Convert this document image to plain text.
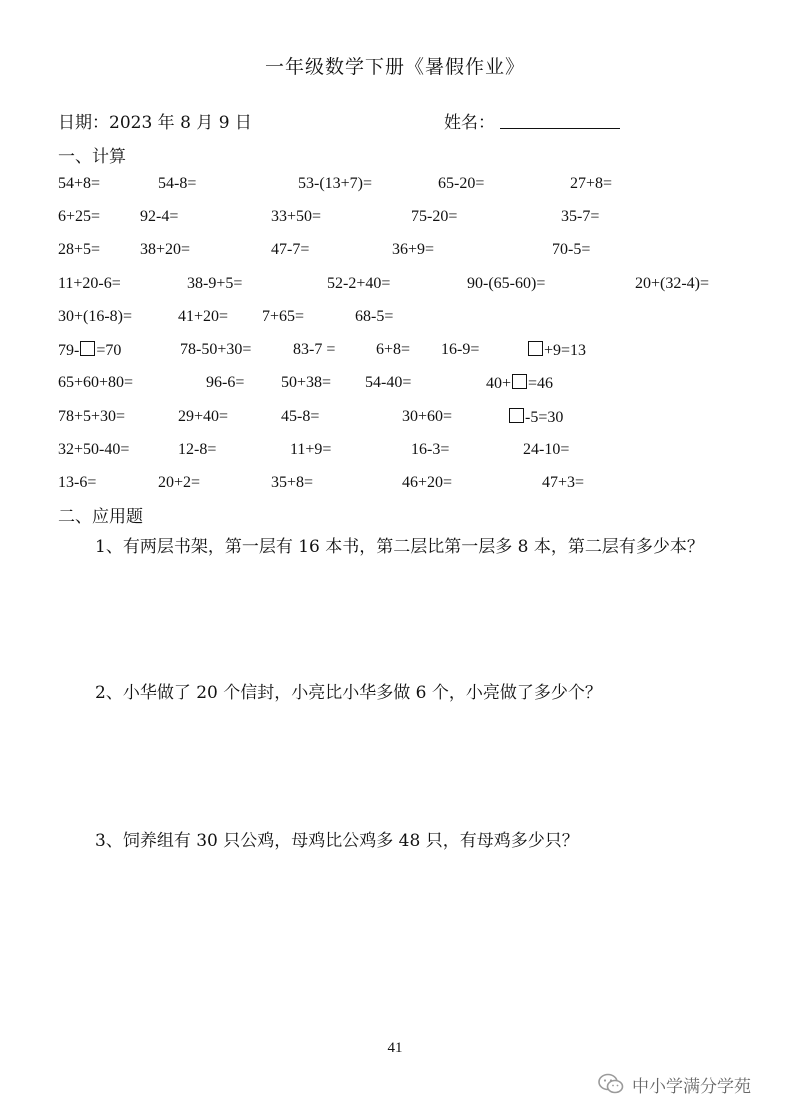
一年级数学下册《暑假作业》
日期：2023 年 8 月 9 日	姓名：
一、计算
54+8=	54-8=	53-(13+7)=	65-20=	27+8=
6+25= 92-4=	33+50=	75-20=	35-7=
28+5= 38+20=	47-7=	36+9=	70-5=
11+20-6=	38-9+5=	52-2+40=	90-(65-60)=	20+(32-4)=
30+(16-8)=	41+20= 7+65=	68-5=
79- =70	78-50+30=	83-7 =	6+8= 16-9=	+9=13
65+60+80=	96-6= 50+38= 54-40=	40+ =46
78+5+30=	29+40=	45-8=	30+60=	-5=30
32+50-40=	12-8=	11+9=	16-3=	24-10=
13-6=	20+2=	35+8=	46+20=	47+3=
二、应用题
1、有两层书架，第一层有 16 本书，第二层比第一层多 8 本，第二层有多少本？
2、小华做了 20 个信封，小亮比小华多做 6 个，小亮做了多少个？
3、饲养组有 30 只公鸡，母鸡比公鸡多 48 只，有母鸡多少只？
41
中小学满分学苑
